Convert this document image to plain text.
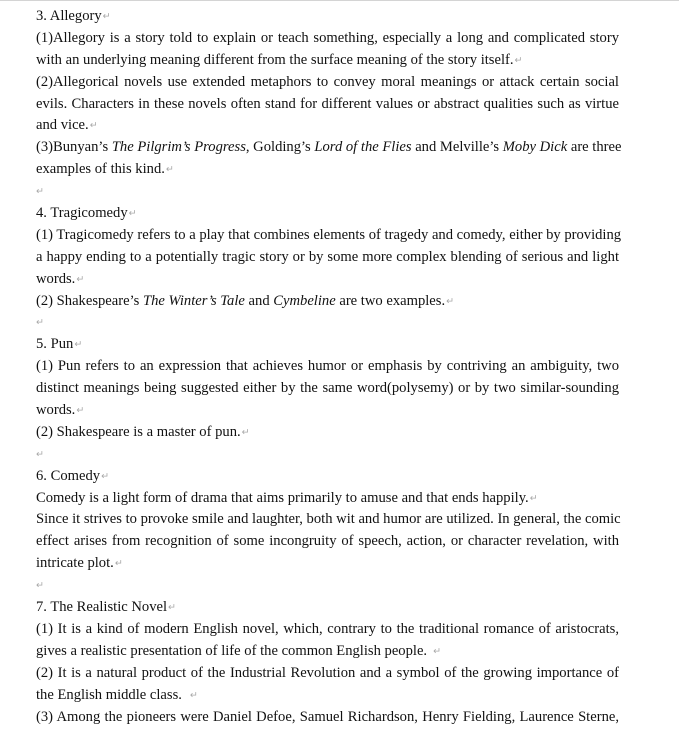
3. Allegory↵
(1)Allegory is a story told to explain or teach something, especially a long and complicated story
with an underlying meaning different from the surface meaning of the story itself.↵
(2)Allegorical novels use extended metaphors to convey moral meanings or attack certain social
evils. Characters in these novels often stand for different values or abstract qualities such as virtue
and vice.↵
(3)Bunyan’s The Pilgrim’s Progress, Golding’s Lord of the Flies and Melville’s Moby Dick are three
examples of this kind.↵
↵
4. Tragicomedy↵
(1) Tragicomedy refers to a play that combines elements of tragedy and comedy, either by providing
a happy ending to a potentially tragic story or by some more complex blending of serious and light
words.↵
(2) Shakespeare’s The Winter’s Tale and Cymbeline are two examples.↵
↵
5. Pun↵
(1) Pun refers to an expression that achieves humor or emphasis by contriving an ambiguity, two
distinct meanings being suggested either by the same word(polysemy) or by two similar-sounding
words.↵
(2) Shakespeare is a master of pun.↵
↵
6. Comedy↵
Comedy is a light form of drama that aims primarily to amuse and that ends happily.↵
Since it strives to provoke smile and laughter, both wit and humor are utilized. In general, the comic
effect arises from recognition of some incongruity of speech, action, or character revelation, with
intricate plot.↵
↵
7. The Realistic Novel↵
(1) It is a kind of modern English novel, which, contrary to the traditional romance of aristocrats,
gives a realistic presentation of life of the common English people. ↵
(2) It is a natural product of the Industrial Revolution and a symbol of the growing importance of
the English middle class. ↵
(3) Among the pioneers were Daniel Defoe, Samuel Richardson, Henry Fielding, Laurence Sterne,
